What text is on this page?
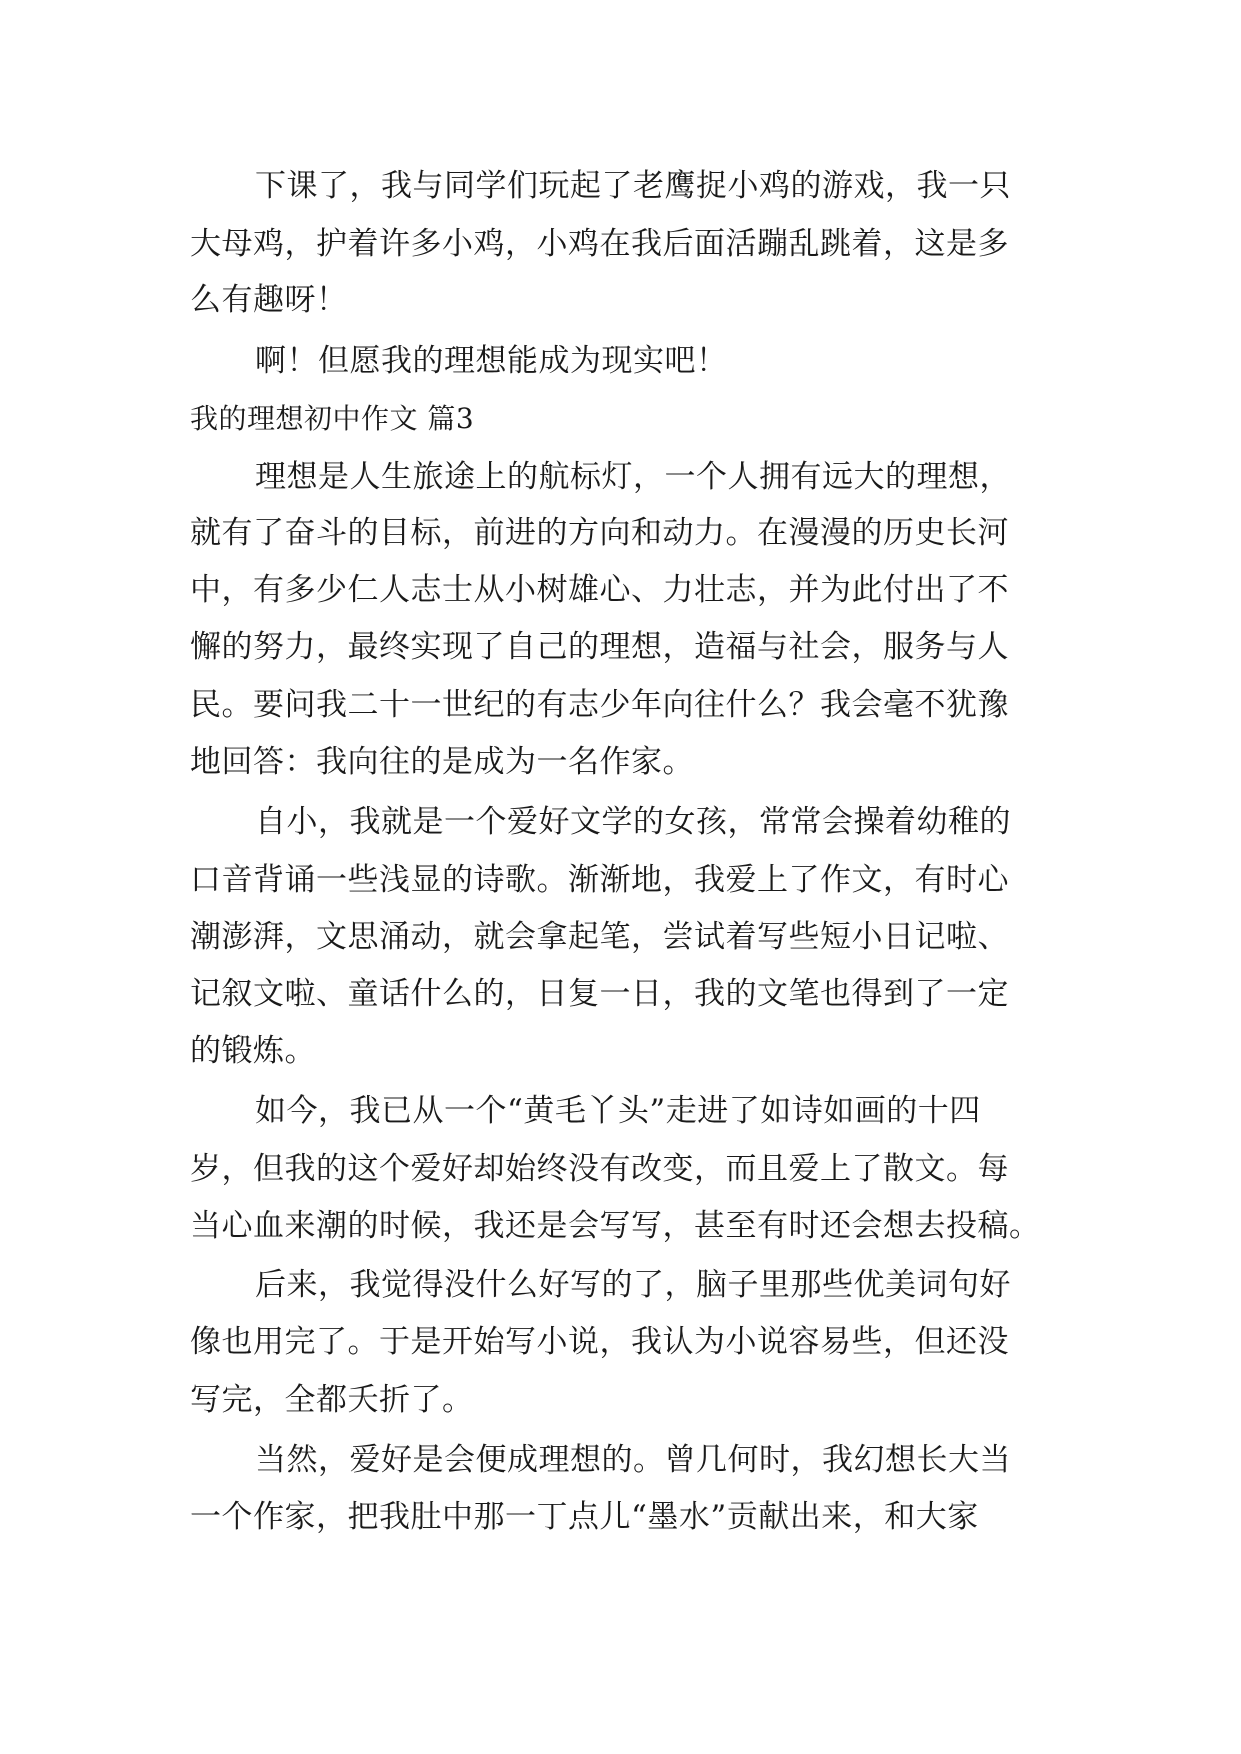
下课了，我与同学们玩起了老鹰捉小鸡的游戏，我一只
大母鸡，护着许多小鸡，小鸡在我后面活蹦乱跳着，这是多
么有趣呀！
啊！但愿我的理想能成为现实吧！
我的理想初中作文 篇3
理想是人生旅途上的航标灯，一个人拥有远大的理想，
就有了奋斗的目标，前进的方向和动力。在漫漫的历史长河
中，有多少仁人志士从小树雄心、力壮志，并为此付出了不
懈的努力，最终实现了自己的理想，造福与社会，服务与人
民。要问我二十一世纪的有志少年向往什么？我会毫不犹豫
地回答：我向往的是成为一名作家。
自小，我就是一个爱好文学的女孩，常常会操着幼稚的
口音背诵一些浅显的诗歌。渐渐地，我爱上了作文，有时心
潮澎湃，文思涌动，就会拿起笔，尝试着写些短小日记啦、
记叙文啦、童话什么的，日复一日，我的文笔也得到了一定
的锻炼。
如今，我已从一个“黄毛丫头”走进了如诗如画的十四
岁，但我的这个爱好却始终没有改变，而且爱上了散文。每
当心血来潮的时候，我还是会写写，甚至有时还会想去投稿。
后来，我觉得没什么好写的了，脑子里那些优美词句好
像也用完了。于是开始写小说，我认为小说容易些，但还没
写完，全都夭折了。
当然，爱好是会便成理想的。曾几何时，我幻想长大当
一个作家，把我肚中那一丁点儿“墨水”贡献出来，和大家
